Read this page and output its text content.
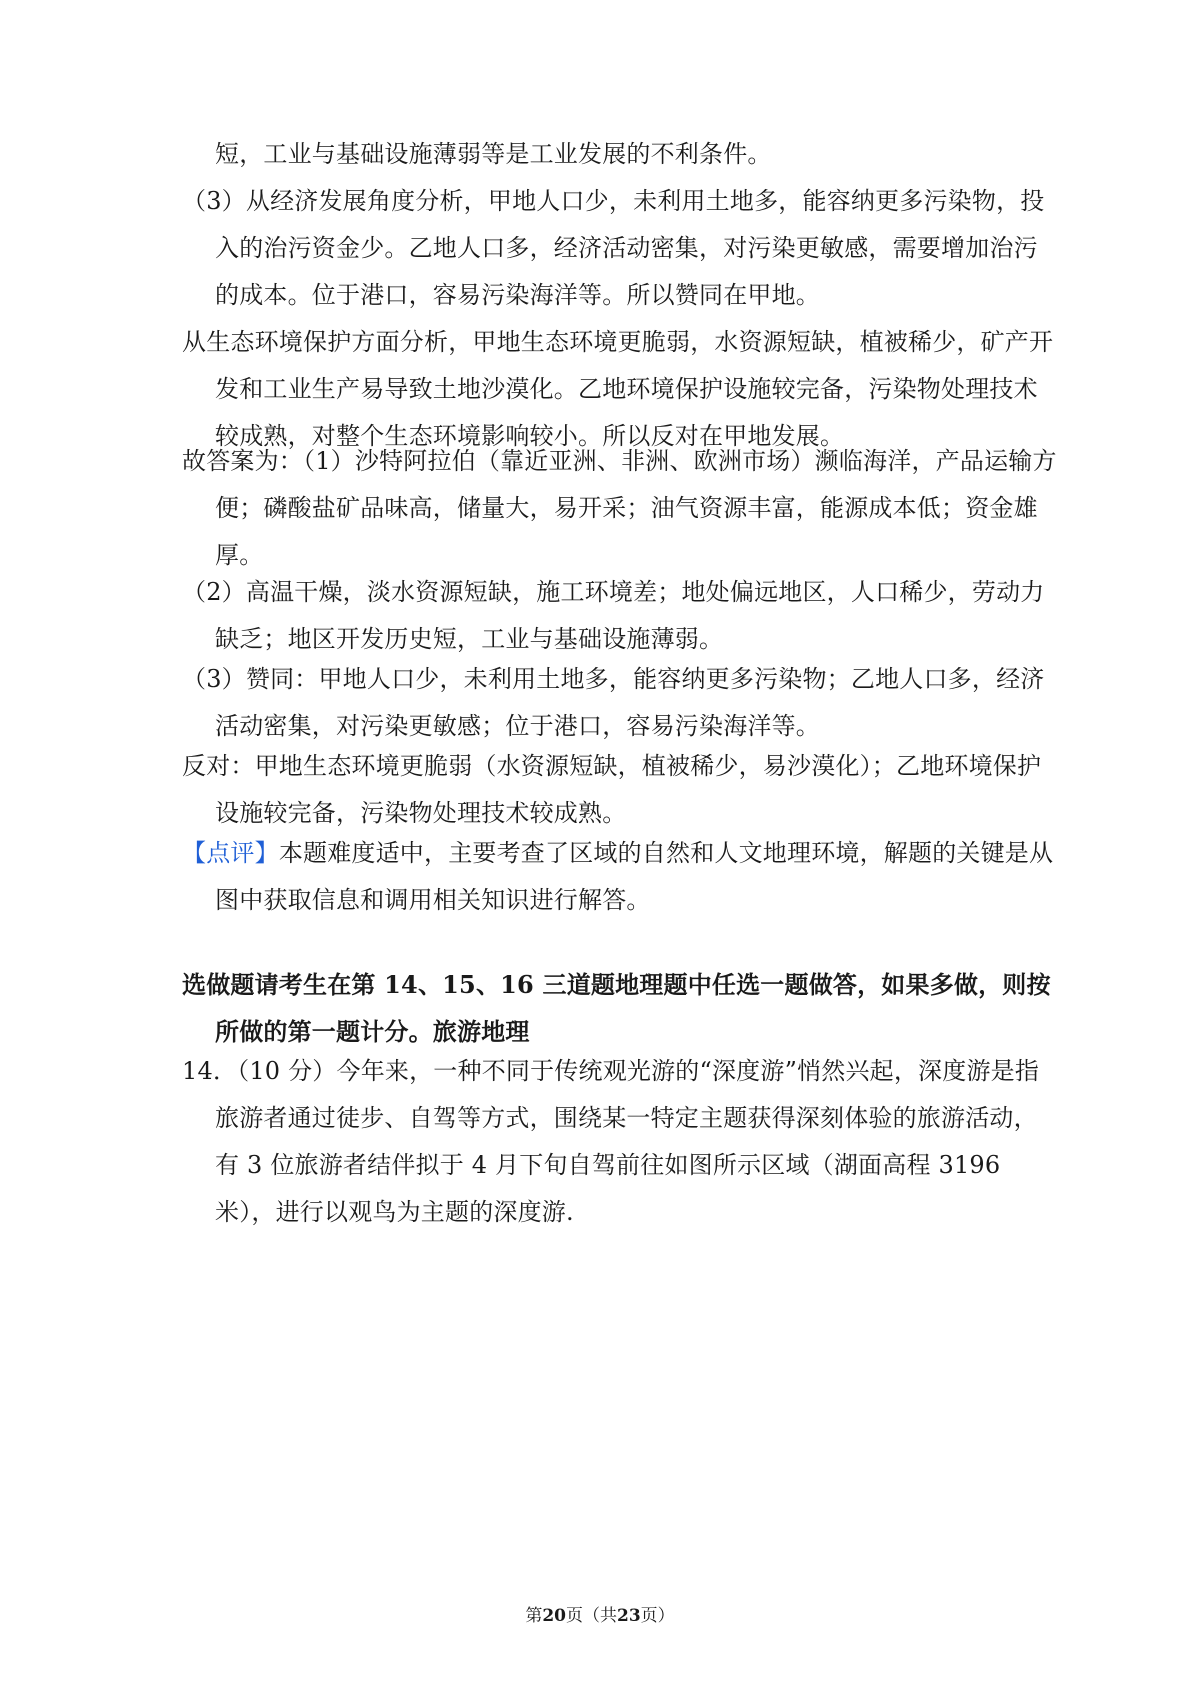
短，工业与基础设施薄弱等是工业发展的不利条件。
（3）从经济发展角度分析，甲地人口少，未利用土地多，能容纳更多污染物，投入的治污资金少。乙地人口多，经济活动密集，对污染更敏感，需要增加治污的成本。位于港口，容易污染海洋等。所以赞同在甲地。
从生态环境保护方面分析，甲地生态环境更脆弱，水资源短缺，植被稀少，矿产开发和工业生产易导致土地沙漠化。乙地环境保护设施较完备，污染物处理技术较成熟，对整个生态环境影响较小。所以反对在甲地发展。
故答案为：（1）沙特阿拉伯（靠近亚洲、非洲、欧洲市场）濒临海洋，产品运输方便；磷酸盐矿品味高，储量大，易开采；油气资源丰富，能源成本低；资金雄厚。
（2）高温干燥，淡水资源短缺，施工环境差；地处偏远地区，人口稀少，劳动力缺乏；地区开发历史短，工业与基础设施薄弱。
（3）赞同：甲地人口少，未利用土地多，能容纳更多污染物；乙地人口多，经济活动密集，对污染更敏感；位于港口，容易污染海洋等。
反对：甲地生态环境更脆弱（水资源短缺，植被稀少，易沙漠化）；乙地环境保护设施较完备，污染物处理技术较成熟。
【点评】本题难度适中，主要考查了区域的自然和人文地理环境，解题的关键是从图中获取信息和调用相关知识进行解答。
选做题请考生在第 14、15、16 三道题地理题中任选一题做答，如果多做，则按所做的第一题计分。旅游地理
14．（10 分）今年来，一种不同于传统观光游的“深度游”悄然兴起，深度游是指旅游者通过徒步、自驾等方式，围绕某一特定主题获得深刻体验的旅游活动，有 3 位旅游者结伴拟于 4 月下旬自驾前往如图所示区域（湖面高程 3196 米），进行以观鸟为主题的深度游.
第20页（共23页）
